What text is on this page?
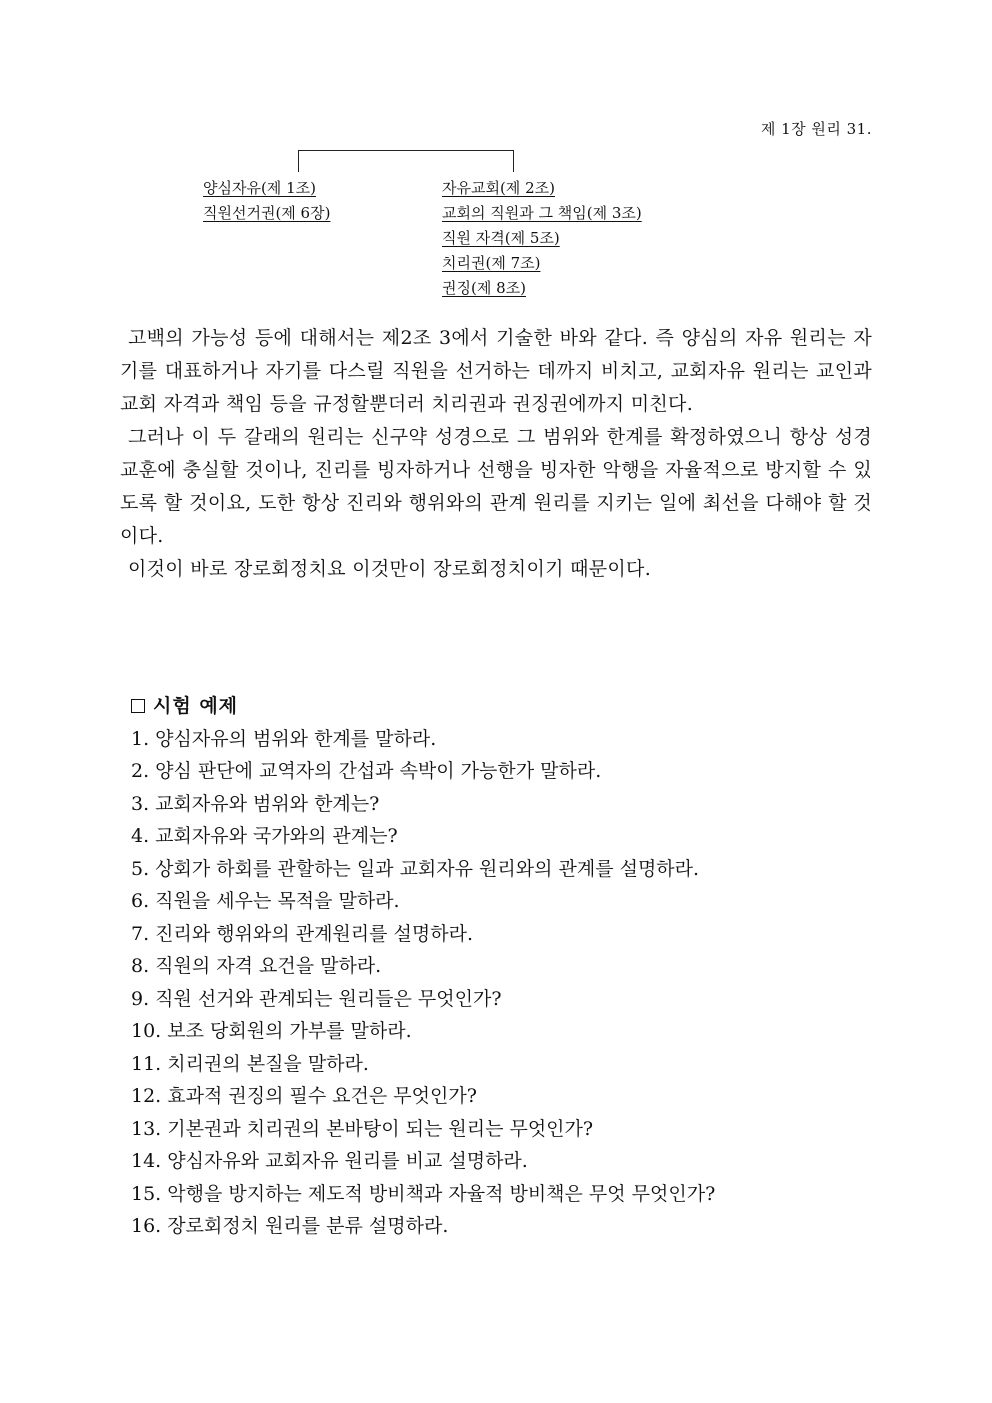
제 1장 원리 31.
양심자유(제 1조)
직원선거권(제 6장)
자유교회(제 2조)
교회의 직원과 그 책임(제 3조)
직원 자격(제 5조)
치리권(제 7조)
권징(제 8조)

고백의 가능성 등에 대해서는 제2조 3에서 기술한 바와 같다. 즉 양심의 자유 원리는 자기를 대표하거나 자기를 다스릴 직원을 선거하는 데까지 비치고, 교회자유 원리는 교인과 교회 자격과 책임 등을 규정할뿐더러 치리권과 권징권에까지 미친다.

그러나 이 두 갈래의 원리는 신구약 성경으로 그 범위와 한계를 확정하였으니 항상 성경 교훈에 충실할 것이나, 진리를 빙자하거나 선행을 빙자한 악행을 자율적으로 방지할 수 있도록 할 것이요, 도한 항상 진리와 행위와의 관계 원리를 지키는 일에 최선을 다해야 할 것이다.

이것이 바로 장로회정치요 이것만이 장로회정치이기 때문이다.

시험 예제
1. 양심자유의 범위와 한계를 말하라.
2. 양심 판단에 교역자의 간섭과 속박이 가능한가 말하라.
3. 교회자유와 범위와 한계는?
4. 교회자유와 국가와의 관계는?
5. 상회가 하회를 관할하는 일과 교회자유 원리와의 관계를 설명하라.
6. 직원을 세우는 목적을 말하라.
7. 진리와 행위와의 관계원리를 설명하라.
8. 직원의 자격 요건을 말하라.
9. 직원 선거와 관계되는 원리들은 무엇인가?
10. 보조 당회원의 가부를 말하라.
11. 치리권의 본질을 말하라.
12. 효과적 권징의 필수 요건은 무엇인가?
13. 기본권과 치리권의 본바탕이 되는 원리는 무엇인가?
14. 양심자유와 교회자유 원리를 비교 설명하라.
15. 악행을 방지하는 제도적 방비책과 자율적 방비책은 무엇 무엇인가?
16. 장로회정치 원리를 분류 설명하라.
